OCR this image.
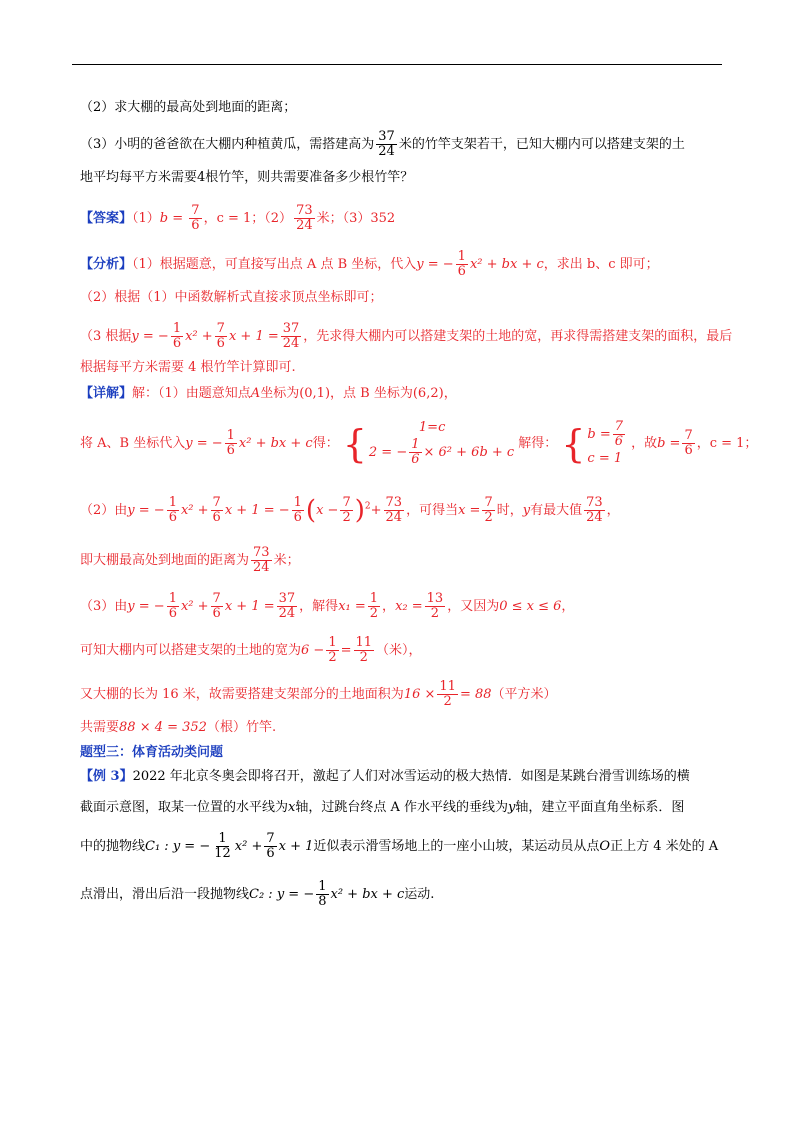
（2）求大棚的最高处到地面的距离；
（3）小明的爸爸欲在大棚内种植黄瓜，需搭建高为 $\frac{37}{24}$ 米的竹竿支架若干，已知大棚内可以搭建支架的土
地平均每平方米需要4根竹竿，则共需要准备多少根竹竿？
【答案】$(1)b = \frac{7}{6}$ ，c = 1；$(2) \frac{73}{24}$ 米；（3）352
【分析】（1）根据题意，可直接写出点 A 点 B 坐标，代入y = − $\frac{1}{6} x^2$ + bx + c，求出 b、c 即可；
（2）根据（1）中函数解析式直接求顶点坐标即可；
（3 根据y = − $\frac{1}{6} x^2 + \frac{7}{6}$ $x + 1 = \frac{37}{24}$ ，先求得大棚内可以搭建支架的土地的宽，再求得需搭建支架的面积，最后
根据每平方米需要 4 根竹竿计算即可.
【详解】解：（1）由题意知点A坐标为(0,1)，点 B 坐标为(6,2)，
将 A、B 坐标代入y = − $\frac{1}{6} x^2$ + bx + c得： {	1=c
2 = − $\frac{1}{6} \times 6^2 + 6b + c$
解得： { $b = \frac{7}{6}$
c = 1
，故$b = \frac{7}{6}$ ，c = 1；
（2）由y = − $\frac{1}{6} x^2 + \frac{7}{6}$ x + 1 = − $\frac{1}{6} (x - \frac{7}{2} )^2+ \frac{73}{24}$ ，可得当$x = \frac{7}{2}$ 时，y有最大值 $\frac{73}{24}$ ，
即大棚最高处到地面的距离为 $\frac{73}{24}$ 米；
（3）由y = − $\frac{1}{6} x^2 + \frac{7}{6}$ $x + 1 = \frac{37}{24}$ ，解得$x_1 = \frac{1}{2}$ ，$x_2 = \frac{13}{2}$ ，又因为0 ≤ x ≤ 6，
可知大棚内可以搭建支架的土地的宽为$6 - \frac{1}{2} = \frac{11}{2}$ （米），
又大棚的长为 16 米，故需要搭建支架部分的土地面积为$16 \times \frac{11}{2} = 88$（平方米）
共需要88 × 4 = 352（根）竹竿.
题型三：体育活动类问题
【例 3】2022 年北京冬奥会即将召开，激起了人们对冰雪运动的极大热情．如图是某跳台滑雪训练场的横
截面示意图，取某一位置的水平线为x轴，过跳台终点 A 作水平线的垂线为y轴，建立平面直角坐标系．图
中的抛物线C₁ : y = − $\frac{1}{12} x^2 + \frac{7}{6}$ x + 1近似表示滑雪场地上的一座小山坡，某运动员从点O正上方 4 米处的 A
点滑出，滑出后沿一段抛物线C₂ : y = − $\frac{1}{8} x^2$ + bx + c运动.
